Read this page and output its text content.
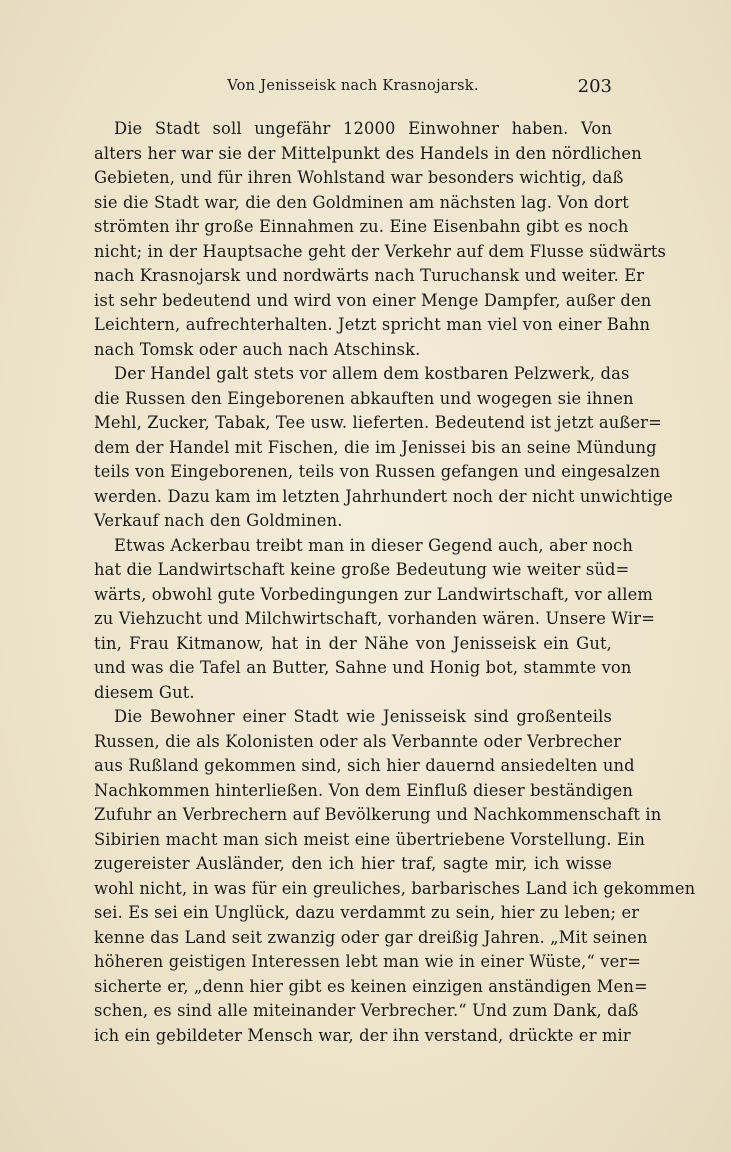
Von Jenisseisk nach Krasnojarsk.	203
Die Stadt soll ungefähr 12000 Einwohner haben. Von
alters her war sie der Mittelpunkt des Handels in den nördlichen
Gebieten, und für ihren Wohlstand war besonders wichtig, daß
sie die Stadt war, die den Goldminen am nächsten lag. Von dort
strömten ihr große Einnahmen zu. Eine Eisenbahn gibt es noch
nicht; in der Hauptsache geht der Verkehr auf dem Flusse südwärts
nach Krasnojarsk und nordwärts nach Turuchansk und weiter. Er
ist sehr bedeutend und wird von einer Menge Dampfer, außer den
Leichtern, aufrechterhalten. Jetzt spricht man viel von einer Bahn
nach Tomsk oder auch nach Atschinsk.
Der Handel galt stets vor allem dem kostbaren Pelzwerk, das
die Russen den Eingeborenen abkauften und wogegen sie ihnen
Mehl, Zucker, Tabak, Tee usw. lieferten. Bedeutend ist jetzt außer=
dem der Handel mit Fischen, die im Jenissei bis an seine Mündung
teils von Eingeborenen, teils von Russen gefangen und eingesalzen
werden. Dazu kam im letzten Jahrhundert noch der nicht unwichtige
Verkauf nach den Goldminen.
Etwas Ackerbau treibt man in dieser Gegend auch, aber noch
hat die Landwirtschaft keine große Bedeutung wie weiter süd=
wärts, obwohl gute Vorbedingungen zur Landwirtschaft, vor allem
zu Viehzucht und Milchwirtschaft, vorhanden wären. Unsere Wir=
tin, Frau Kitmanow, hat in der Nähe von Jenisseisk ein Gut,
und was die Tafel an Butter, Sahne und Honig bot, stammte von
diesem Gut.
Die Bewohner einer Stadt wie Jenisseisk sind großenteils
Russen, die als Kolonisten oder als Verbannte oder Verbrecher
aus Rußland gekommen sind, sich hier dauernd ansiedelten und
Nachkommen hinterließen. Von dem Einfluß dieser beständigen
Zufuhr an Verbrechern auf Bevölkerung und Nachkommenschaft in
Sibirien macht man sich meist eine übertriebene Vorstellung. Ein
zugereister Ausländer, den ich hier traf, sagte mir, ich wisse
wohl nicht, in was für ein greuliches, barbarisches Land ich gekommen
sei. Es sei ein Unglück, dazu verdammt zu sein, hier zu leben; er
kenne das Land seit zwanzig oder gar dreißig Jahren. „Mit seinen
höheren geistigen Interessen lebt man wie in einer Wüste,“ ver=
sicherte er, „denn hier gibt es keinen einzigen anständigen Men=
schen, es sind alle miteinander Verbrecher.“ Und zum Dank, daß
ich ein gebildeter Mensch war, der ihn verstand, drückte er mir
